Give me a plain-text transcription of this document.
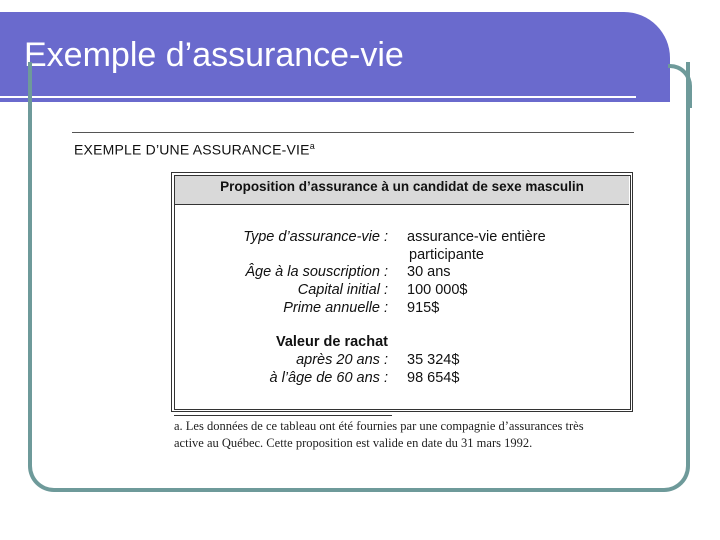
Exemple d’assurance-vie
EXEMPLE D’UNE ASSURANCE-VIE$^a$
Proposition d’assurance à un candidat de sexe masculin
Type d’assurance-vie : assurance-vie entière
participante
Âge à la souscription : 30 ans
Capital initial : 100 000$
Prime annuelle : 915$
Valeur de rachat
après 20 ans : 35 324$
à l’âge de 60 ans : 98 654$
a. Les données de ce tableau ont été fournies par une compagnie d’assurances très active au Québec. Cette proposition est valide en date du 31 mars 1992.
